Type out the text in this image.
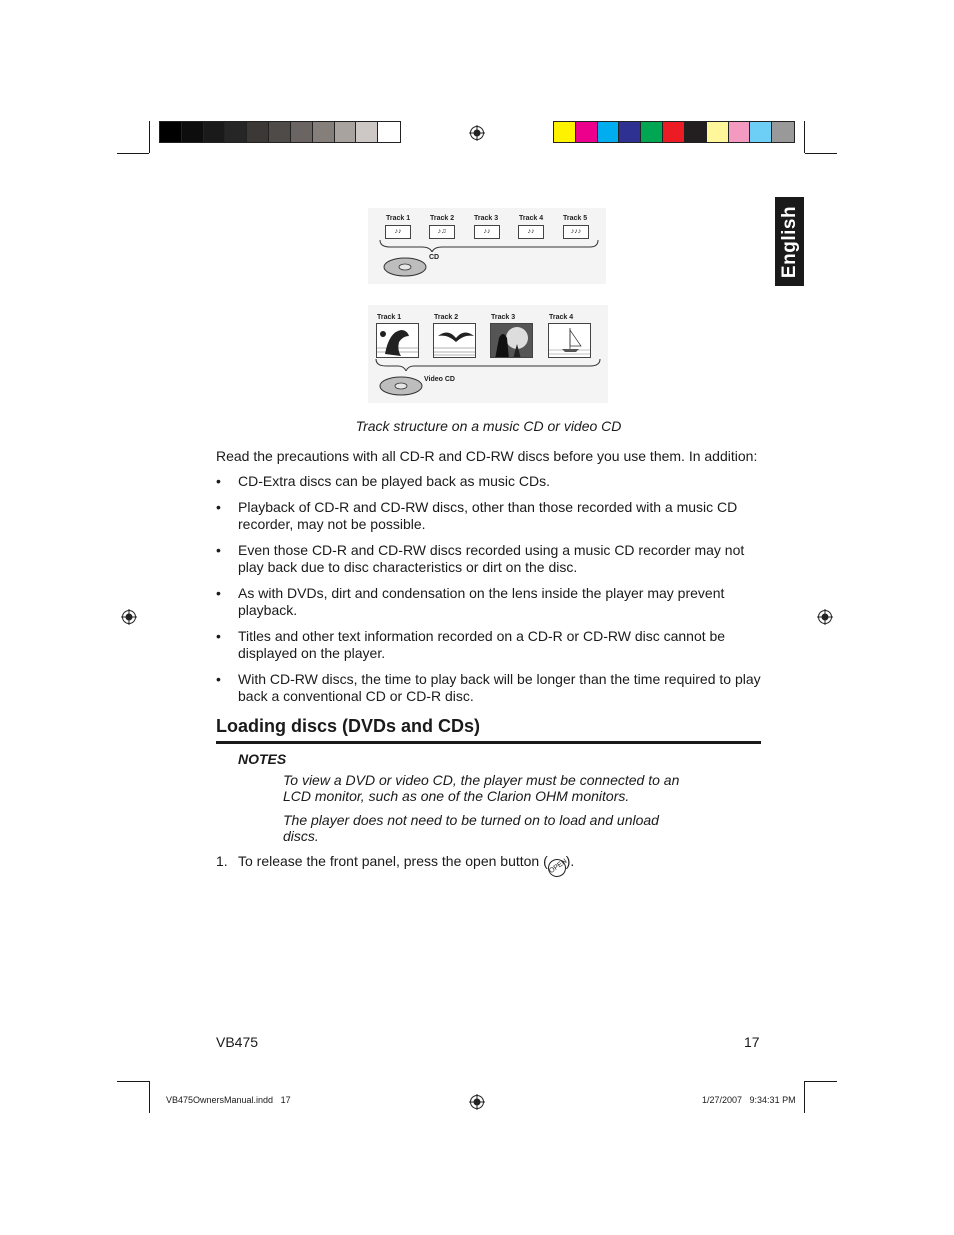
English
Track 1	Track 2	Track 3	Track 4	Track 5
♪♪	♪♫	♪♪	♪♪	♪♪♪
CD
Track 1	Track 2	Track 3	Track 4
Video CD
Track structure on a music CD or video CD
Read the precautions with all CD-R and CD-RW discs before you use them. In addition:
• CD-Extra discs can be played back as music CDs.
• Playback of CD-R and CD-RW discs, other than those recorded with a music CD recorder, may not be possible.
• Even those CD-R and CD-RW discs recorded using a music CD recorder may not play back due to disc characteristics or dirt on the disc.
• As with DVDs, dirt and condensation on the lens inside the player may prevent playback.
• Titles and other text information recorded on a CD-R or CD-RW disc cannot be displayed on the player.
• With CD-RW discs, the time to play back will be longer than the time required to play back a conventional CD or CD-R disc.
Loading discs (DVDs and CDs)
NOTES
To view a DVD or video CD, the player must be connected to an LCD monitor, such as one of the Clarion OHM monitors.
The player does not need to be turned on to load and unload discs.
1. To release the front panel, press the open button (OPEN).
VB475	17
VB475OwnersManual.indd   17	1/27/2007   9:34:31 PM
